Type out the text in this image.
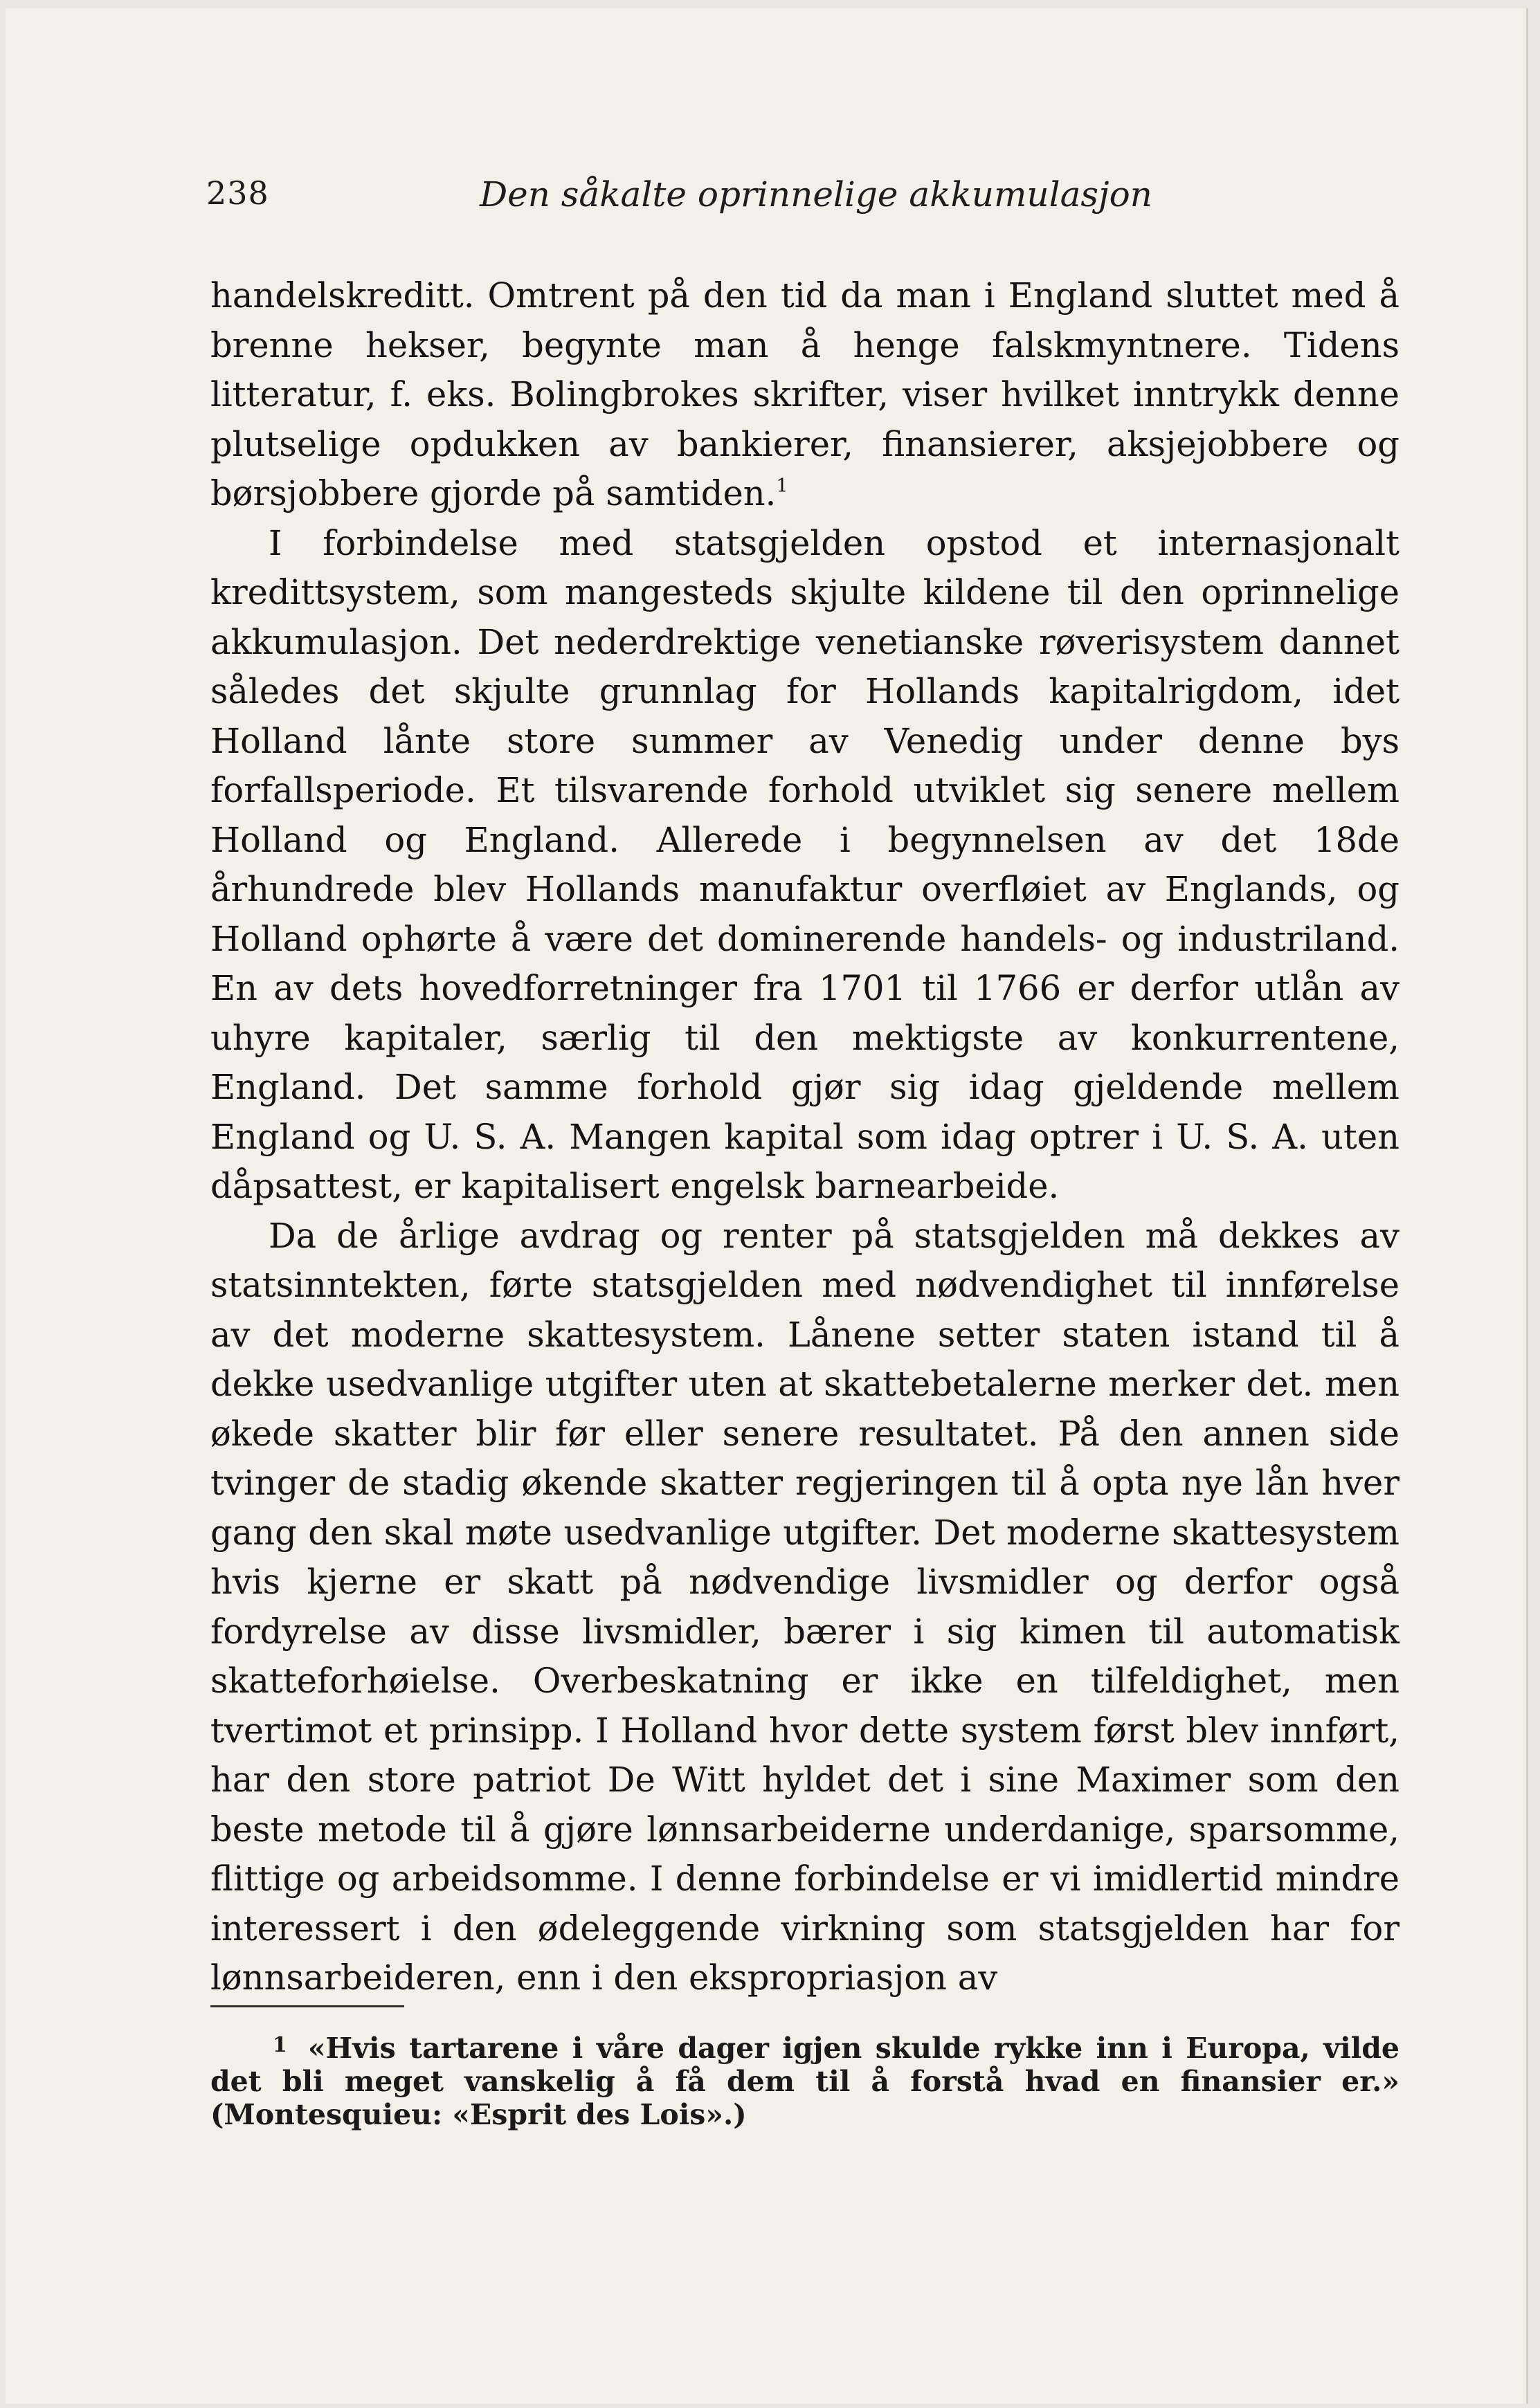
238	Den såkalte oprinnelige akkumulasjon

handelskreditt. Omtrent på den tid da man i England sluttet med å brenne hekser, begynte man å henge falskmyntnere. Tidens litteratur, f. eks. Bolingbrokes skrifter, viser hvilket inntrykk denne plutselige opdukken av bankierer, finansierer, aksjejobbere og børsjobbere gjorde på samtiden.$^1$

I forbindelse med statsgjelden opstod et internasjonalt kredittsystem, som mangesteds skjulte kildene til den oprinnelige akkumulasjon. Det nederdrektige venetianske røverisystem dannet således det skjulte grunnlag for Hollands kapitalrigdom, idet Holland lånte store summer av Venedig under denne bys forfallsperiode. Et tilsvarende forhold utviklet sig senere mellem Holland og England. Allerede i begynnelsen av det 18de århundrede blev Hollands manufaktur overfløiet av Englands, og Holland ophørte å være det dominerende handels- og industriland. En av dets hovedforretninger fra 1701 til 1766 er derfor utlån av uhyre kapitaler, særlig til den mektigste av konkurrentene, England. Det samme forhold gjør sig idag gjeldende mellem England og U. S. A. Mangen kapital som idag optrer i U. S. A. uten dåpsattest, er kapitalisert engelsk barnearbeide.

Da de årlige avdrag og renter på statsgjelden må dekkes av statsinntekten, førte statsgjelden med nødvendighet til innførelse av det moderne skattesystem. Lånene setter staten istand til å dekke usedvanlige utgifter uten at skattebetalerne merker det. men økede skatter blir før eller senere resultatet. På den annen side tvinger de stadig økende skatter regjeringen til å opta nye lån hver gang den skal møte usedvanlige utgifter. Det moderne skattesystem hvis kjerne er skatt på nødvendige livsmidler og derfor også fordyrelse av disse livsmidler, bærer i sig kimen til automatisk skatteforhøielse. Overbeskatning er ikke en tilfeldighet, men tvertimot et prinsipp. I Holland hvor dette system først blev innført, har den store patriot De Witt hyldet det i sine Maximer som den beste metode til å gjøre lønnsarbeiderne underdanige, sparsomme, flittige og arbeidsomme. I denne forbindelse er vi imidlertid mindre interessert i den ødeleggende virkning som statsgjelden har for lønnsarbeideren, enn i den ekspropriasjon av

1 «Hvis tartarene i våre dager igjen skulde rykke inn i Europa, vilde det bli meget vanskelig å få dem til å forstå hvad en finansier er.» (Montesquieu: «Esprit des Lois».)
